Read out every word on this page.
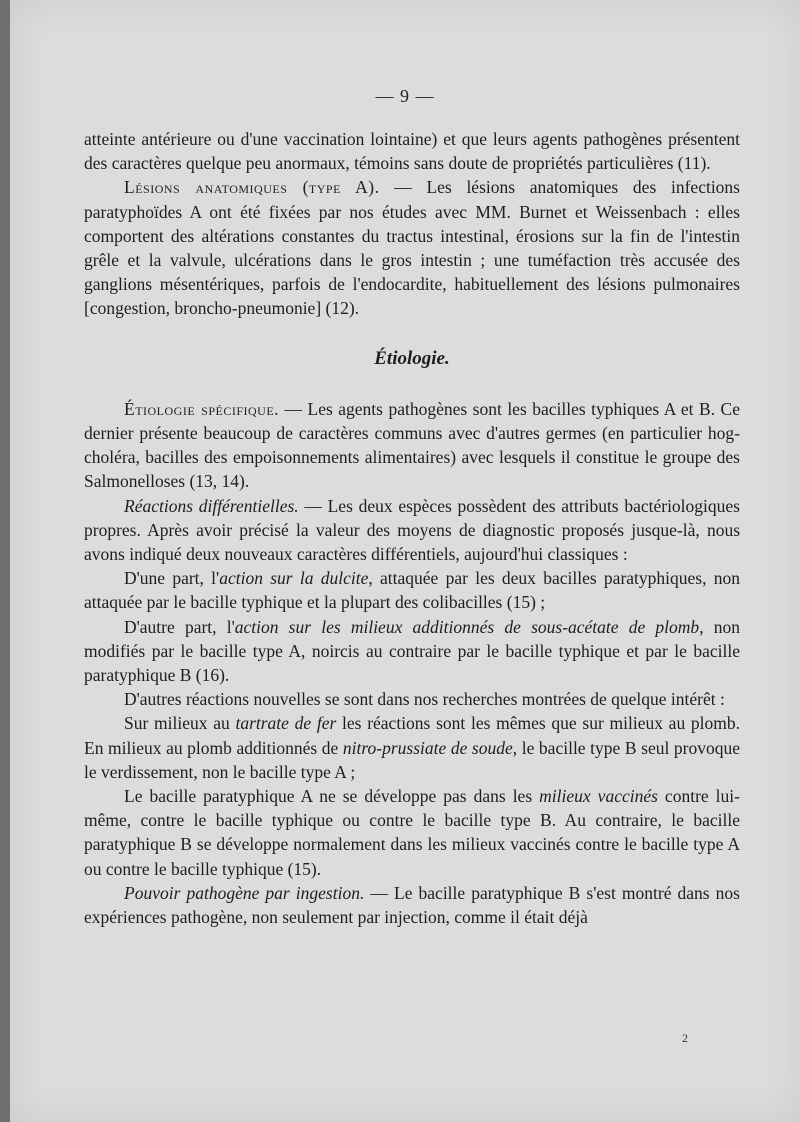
— 9 —

atteinte antérieure ou d'une vaccination lointaine) et que leurs agents pathogènes présentent des caractères quelque peu anormaux, témoins sans doute de propriétés particulières (11).

Lésions anatomiques (type A). — Les lésions anatomiques des infections paratyphoïdes A ont été fixées par nos études avec MM. Burnet et Weissenbach : elles comportent des altérations constantes du tractus intestinal, érosions sur la fin de l'intestin grêle et la valvule, ulcérations dans le gros intestin ; une tuméfaction très accusée des ganglions mésentériques, parfois de l'endocardite, habituellement des lésions pulmonaires [congestion, broncho-pneumonie] (12).

Étiologie.

Étiologie spécifique. — Les agents pathogènes sont les bacilles typhiques A et B. Ce dernier présente beaucoup de caractères communs avec d'autres germes (en particulier hog-choléra, bacilles des empoisonnements alimentaires) avec lesquels il constitue le groupe des Salmonelloses (13, 14).

Réactions différentielles. — Les deux espèces possèdent des attributs bactériologiques propres. Après avoir précisé la valeur des moyens de diagnostic proposés jusque-là, nous avons indiqué deux nouveaux caractères différentiels, aujourd'hui classiques :

D'une part, l'action sur la dulcite, attaquée par les deux bacilles paratyphiques, non attaquée par le bacille typhique et la plupart des colibacilles (15) ;

D'autre part, l'action sur les milieux additionnés de sous-acétate de plomb, non modifiés par le bacille type A, noircis au contraire par le bacille typhique et par le bacille paratyphique B (16).

D'autres réactions nouvelles se sont dans nos recherches montrées de quelque intérêt :

Sur milieux au tartrate de fer les réactions sont les mêmes que sur milieux au plomb. En milieux au plomb additionnés de nitro-prussiate de soude, le bacille type B seul provoque le verdissement, non le bacille type A ;

Le bacille paratyphique A ne se développe pas dans les milieux vaccinés contre lui-même, contre le bacille typhique ou contre le bacille type B. Au contraire, le bacille paratyphique B se développe normalement dans les milieux vaccinés contre le bacille type A ou contre le bacille typhique (15).

Pouvoir pathogène par ingestion. — Le bacille paratyphique B s'est montré dans nos expériences pathogène, non seulement par injection, comme il était déjà

2
